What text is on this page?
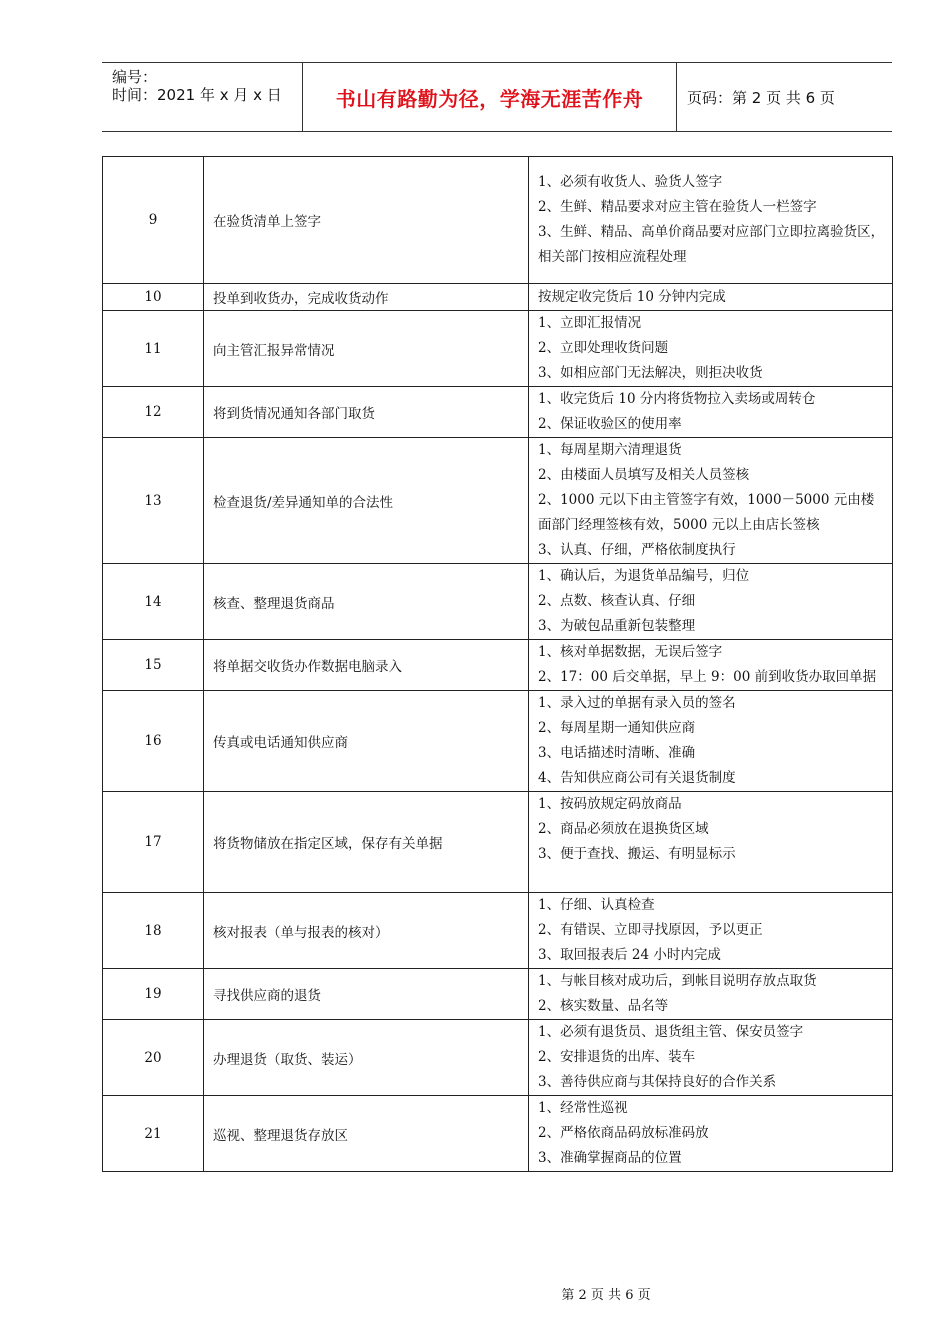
编号：
时间：2021 年 x 月 x 日	书山有路勤为径，学海无涯苦作舟	页码：第 2 页 共 6 页
9	在验货清单上签字	1、必须有收货人、验货人签字
2、生鲜、精品要求对应主管在验货人一栏签字
3、生鲜、精品、高单价商品要对应部门立即拉离验货区，
相关部门按相应流程处理

10	投单到收货办，完成收货动作	按规定收完货后 10 分钟内完成

11	向主管汇报异常情况	1、立即汇报情况
2、立即处理收货问题
3、如相应部门无法解决，则拒决收货

12	将到货情况通知各部门取货	1、收完货后 10 分内将货物拉入卖场或周转仓
2、保证收验区的使用率

13	检查退货/差异通知单的合法性	1、每周星期六清理退货
2、由楼面人员填写及相关人员签核
2、1000 元以下由主管签字有效，1000－5000 元由楼面部门经理签核有效，5000 元以上由店长签核
3、认真、仔细，严格依制度执行

14	核查、整理退货商品	1、确认后，为退货单品编号，归位
2、点数、核查认真、仔细
3、为破包品重新包装整理

15	将单据交收货办作数据电脑录入	1、核对单据数据，无误后签字
2、17：00 后交单据，早上 9：00 前到收货办取回单据

16	传真或电话通知供应商	1、录入过的单据有录入员的签名
2、每周星期一通知供应商
3、电话描述时清晰、准确
4、告知供应商公司有关退货制度

17	将货物储放在指定区域，保存有关单据	1、按码放规定码放商品
2、商品必须放在退换货区域
3、便于查找、搬运、有明显标示

18	核对报表（单与报表的核对）	1、仔细、认真检查
2、有错误、立即寻找原因，予以更正
3、取回报表后 24 小时内完成

19	寻找供应商的退货	1、与帐目核对成功后，到帐目说明存放点取货
2、核实数量、品名等

20	办理退货（取货、装运）	1、必须有退货员、退货组主管、保安员签字
2、安排退货的出库、装车
3、善待供应商与其保持良好的合作关系

21	巡视、整理退货存放区	1、经常性巡视
2、严格依商品码放标准码放
3、准确掌握商品的位置
第 2 页 共 6 页
